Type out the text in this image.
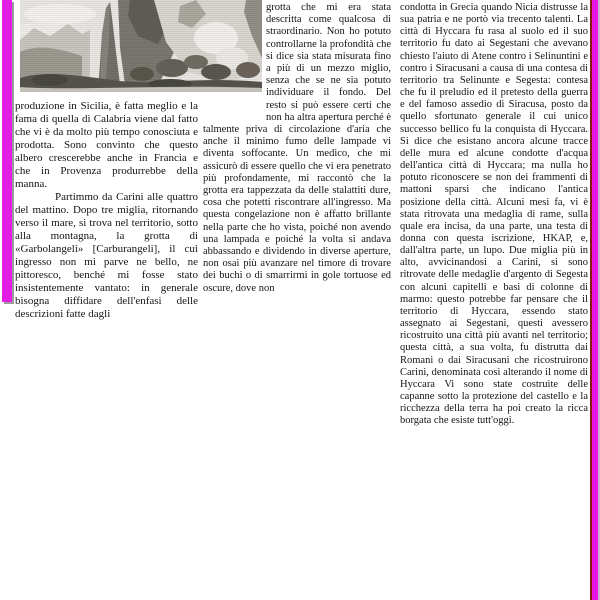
produzione in Sicilia, è fatta meglio e la fama di quella di Calabria viene dal fatto che vi è da molto più tempo conosciuta e prodotta. Sono convinto che questo albero crescerebbe anche in Francia e che in Provenza produrrebbe della manna.

Partimmo da Carini alle quattro del mattino. Dopo tre miglia, ritornando verso il mare, si trova nel territorio, sotto alla montagna, la grotta di «Garbolangeli» [Carburangeli], il cui ingresso non mi parve ne bello, ne pittoresco, benché mi fosse stato insistentemente vantato: in generale bisogna diffidare dell'enfasi delle descrizioni fatte dagli

grotta che mi era stata descritta come qualcosa di straordinario. Non ho potuto controllarne la profondità che si dice sia stata misurata fino a più di un mezzo miglio, senza che se ne sia potuto individuare il fondo. Del resto si può essere certi che non ha altra apertura perché è talmente priva di circolazione d'aria che anche il minimo fumo delle lampade vi diventa soffocante. Un medico, che mi assicurò di essere quello che vi era penetrato più profondamente, mi raccontò che la grotta era tappezzata da delle stalattiti dure, cosa che potetti riscontrare all'ingresso. Ma questa congelazione non è affatto brillante nella parte che ho vista, poiché non avendo una lampada e poiché la volta si andava abbassando e dividendo in diverse aperture, non osai più avanzare nel timore di trovare dei buchi o di smarrirmi in gole tortuose ed oscure, dove non

condotta in Grecia quando Nicia distrusse la sua patria e ne portò via trecento talenti. La città di Hyccara fu rasa al suolo ed il suo territorio fu dato ai Segestani che avevano chiesto l'aiuto di Atene contro i Selinuntini e contro i Siracusani a causa di una contesa di territorio tra Selinunte e Segesta: contesa che fu il preludio ed il pretesto della guerra e del famoso assedio di Siracusa, posto da quello sfortunato generale il cui unico successo bellico fu la conquista di Hyccara. Si dice che esistano ancora alcune tracce delle mura ed alcune condotte d'acqua dell'antica città di Hyccara; ma nulla ho potuto riconoscere se non dei frammenti di mattoni sparsi che indicano l'antica posizione della città. Alcuni mesi fa, vi è stata ritrovata una medaglia di rame, sulla quale era incisa, da una parte, una testa di donna con questa iscrizione, HKAP, e, dall'altra parte, un lupo. Due miglia più in alto, avvicinandosi a Carini, si sono ritrovate delle medaglie d'argento di Segesta con alcuni capitelli e basi di colonne di marmo: questo potrebbe far pensare che il territorio di Hyccara, essendo stato assegnato ai Segestani, questi avessero ricostruito una città più avanti nel territorio; questa città, a sua volta, fu distrutta dai Romani o dai Siracusani che ricostruirono Carini, denominata così alterando il nome di Hyccara Vi sono state costruite delle capanne sotto la protezione del castello e la ricchezza della terra ha poi creato la ricca borgata che esiste tutt'oggi.
